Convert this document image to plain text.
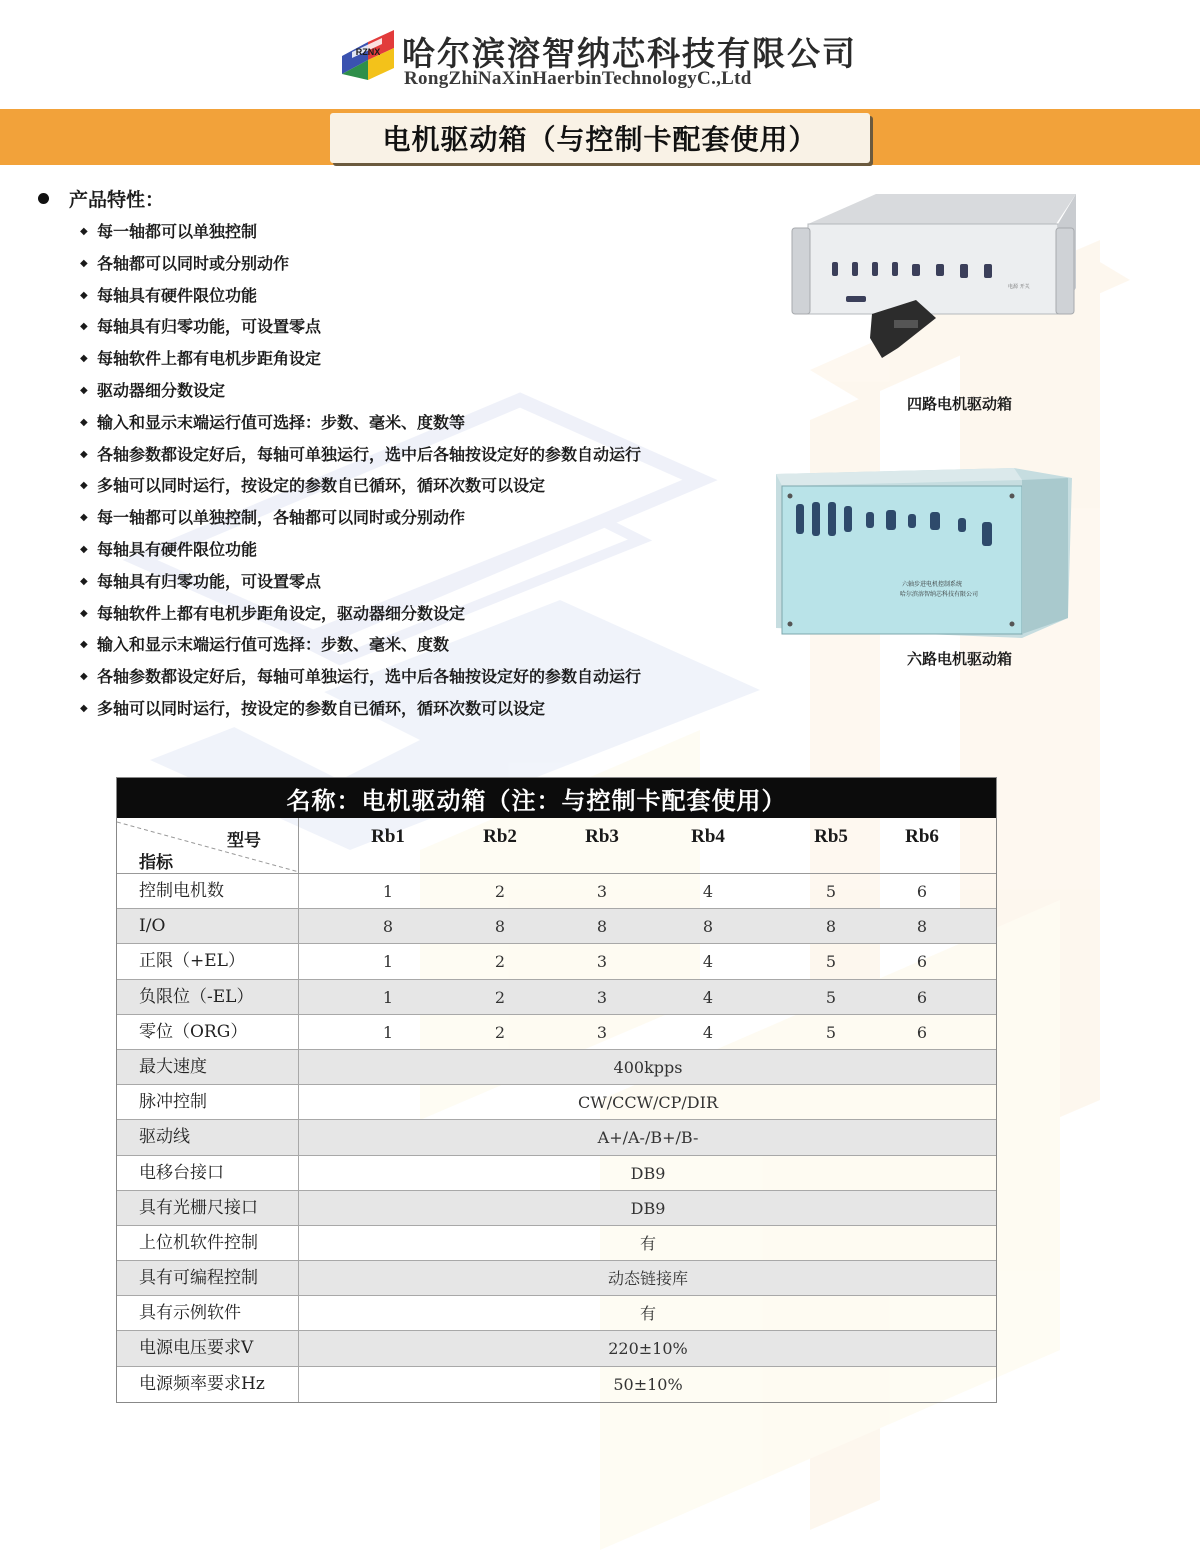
RZNX 哈尔滨溶智纳芯科技有限公司
RongZhiNaXinHaerbinTechnologyC.,Ltd
电机驱动箱（与控制卡配套使用）
产品特性：
◆ 每一轴都可以单独控制
◆ 各轴都可以同时或分别动作
◆ 每轴具有硬件限位功能
◆ 每轴具有归零功能，可设置零点
◆ 每轴软件上都有电机步距角设定
◆ 驱动器细分数设定
◆ 输入和显示末端运行值可选择：步数、毫米、度数等
◆ 各轴参数都设定好后，每轴可单独运行，选中后各轴按设定好的参数自动运行
◆ 多轴可以同时运行，按设定的参数自已循环，循环次数可以设定
◆ 每一轴都可以单独控制，各轴都可以同时或分别动作
◆ 每轴具有硬件限位功能
◆ 每轴具有归零功能，可设置零点
◆ 每轴软件上都有电机步距角设定，驱动器细分数设定
◆ 输入和显示末端运行值可选择：步数、毫米、度数
◆ 各轴参数都设定好后，每轴可单独运行，选中后各轴按设定好的参数自动运行
◆ 多轴可以同时运行，按设定的参数自已循环，循环次数可以设定
电源 开关
四路电机驱动箱
六轴步进电机控制系统
哈尔滨溶智纳芯科技有限公司
六路电机驱动箱
名称：电机驱动箱（注：与控制卡配套使用）
型号
指标
Rb1	Rb2	Rb3	Rb4	Rb5	Rb6
控制电机数	1	2	3	4	5	6
I/O	8	8	8	8	8	8
正限（+EL）	1	2	3	4	5	6
负限位（-EL）	1	2	3	4	5	6
零位（ORG）	1	2	3	4	5	6
最大速度	400kpps
脉冲控制	CW/CCW/CP/DIR
驱动线	A+/A-/B+/B-
电移台接口	DB9
具有光栅尺接口	DB9
上位机软件控制	有
具有可编程控制	动态链接库
具有示例软件	有
电源电压要求V	220±10%
电源频率要求Hz	50±10%
